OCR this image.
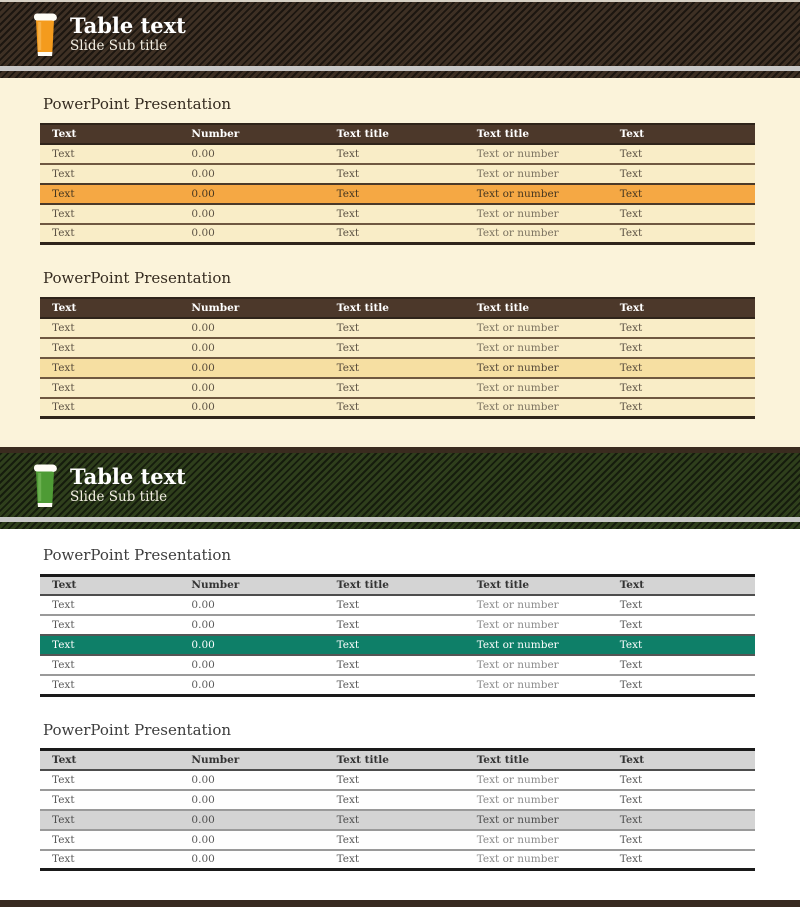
Table text
Slide Sub title
PowerPoint Presentation
Text	Number	Text title	Text title	Text
Text	0.00	Text	Text or number	Text
Text	0.00	Text	Text or number	Text
Text	0.00	Text	Text or number	Text
Text	0.00	Text	Text or number	Text
Text	0.00	Text	Text or number	Text
PowerPoint Presentation
Text	Number	Text title	Text title	Text
Text	0.00	Text	Text or number	Text
Text	0.00	Text	Text or number	Text
Text	0.00	Text	Text or number	Text
Text	0.00	Text	Text or number	Text
Text	0.00	Text	Text or number	Text
Table text
Slide Sub title
PowerPoint Presentation
Text	Number	Text title	Text title	Text
Text	0.00	Text	Text or number	Text
Text	0.00	Text	Text or number	Text
Text	0.00	Text	Text or number	Text
Text	0.00	Text	Text or number	Text
Text	0.00	Text	Text or number	Text
PowerPoint Presentation
Text	Number	Text title	Text title	Text
Text	0.00	Text	Text or number	Text
Text	0.00	Text	Text or number	Text
Text	0.00	Text	Text or number	Text
Text	0.00	Text	Text or number	Text
Text	0.00	Text	Text or number	Text
